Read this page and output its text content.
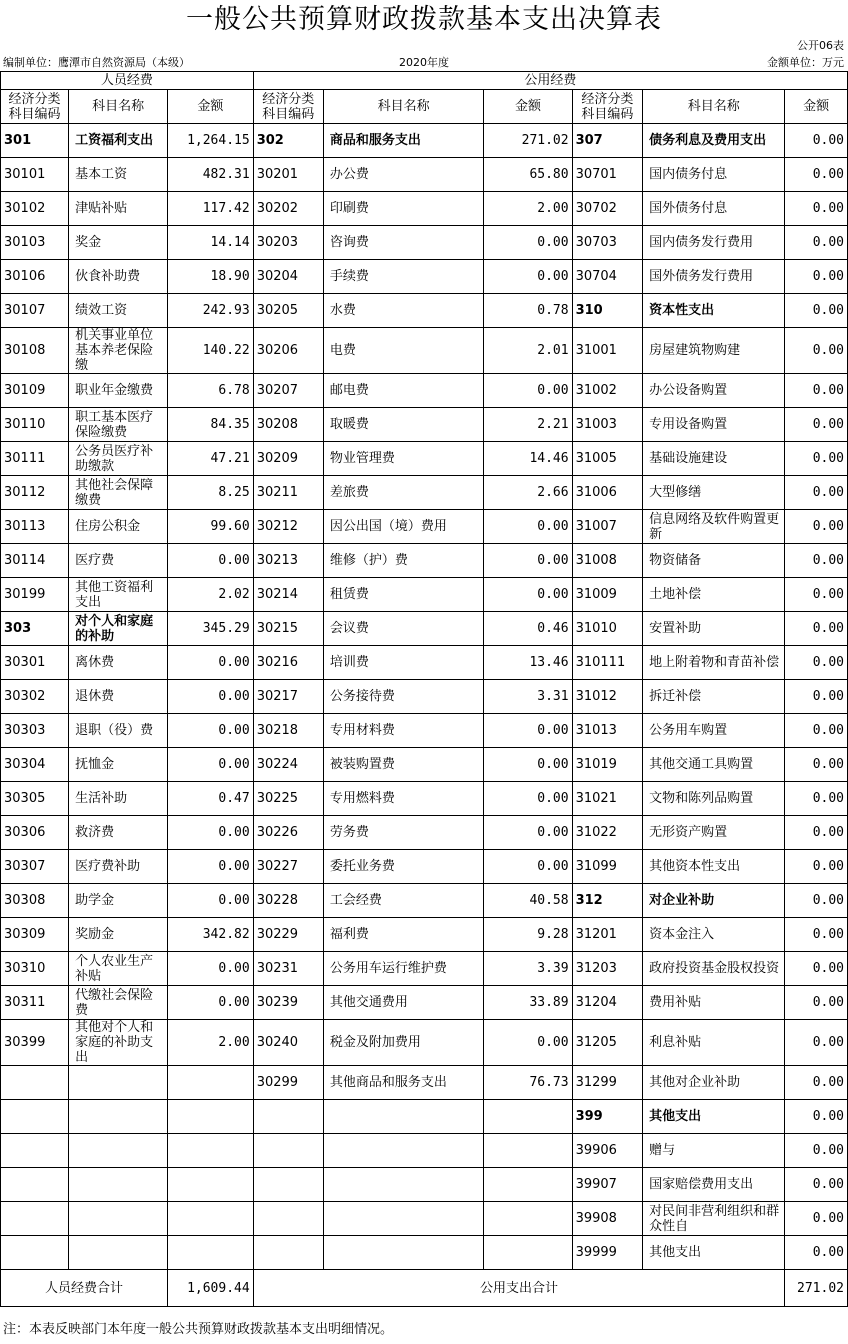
一般公共预算财政拨款基本支出决算表
公开06表
编制单位：鹰潭市自然资源局（本级）	2020年度	金额单位：万元
人员经费			公用经费					
经济分类科目编码	科目名称	金额	经济分类科目编码	科目名称	金额	经济分类科目编码	科目名称	金额
301	工资福利支出	1,264.15	302	商品和服务支出	271.02	307	债务利息及费用支出	0.00
30101	基本工资	482.31	30201	办公费	65.80	30701	国内债务付息	0.00
30102	津贴补贴	117.42	30202	印刷费	2.00	30702	国外债务付息	0.00
30103	奖金	14.14	30203	咨询费	0.00	30703	国内债务发行费用	0.00
30106	伙食补助费	18.90	30204	手续费	0.00	30704	国外债务发行费用	0.00
30107	绩效工资	242.93	30205	水费	0.78	310	资本性支出	0.00
30108	机关事业单位基本养老保险缴	140.22	30206	电费	2.01	31001	房屋建筑物购建	0.00
30109	职业年金缴费	6.78	30207	邮电费	0.00	31002	办公设备购置	0.00
30110	职工基本医疗保险缴费	84.35	30208	取暖费	2.21	31003	专用设备购置	0.00
30111	公务员医疗补助缴款	47.21	30209	物业管理费	14.46	31005	基础设施建设	0.00
30112	其他社会保障缴费	8.25	30211	差旅费	2.66	31006	大型修缮	0.00
30113	住房公积金	99.60	30212	因公出国（境）费用	0.00	31007	信息网络及软件购置更新	0.00
30114	医疗费	0.00	30213	维修（护）费	0.00	31008	物资储备	0.00
30199	其他工资福利支出	2.02	30214	租赁费	0.00	31009	土地补偿	0.00
303	对个人和家庭的补助	345.29	30215	会议费	0.46	31010	安置补助	0.00
30301	离休费	0.00	30216	培训费	13.46	310111	地上附着物和青苗补偿	0.00
30302	退休费	0.00	30217	公务接待费	3.31	31012	拆迁补偿	0.00
30303	退职（役）费	0.00	30218	专用材料费	0.00	31013	公务用车购置	0.00
30304	抚恤金	0.00	30224	被装购置费	0.00	31019	其他交通工具购置	0.00
30305	生活补助	0.47	30225	专用燃料费	0.00	31021	文物和陈列品购置	0.00
30306	救济费	0.00	30226	劳务费	0.00	31022	无形资产购置	0.00
30307	医疗费补助	0.00	30227	委托业务费	0.00	31099	其他资本性支出	0.00
30308	助学金	0.00	30228	工会经费	40.58	312	对企业补助	0.00
30309	奖励金	342.82	30229	福利费	9.28	31201	资本金注入	0.00
30310	个人农业生产补贴	0.00	30231	公务用车运行维护费	3.39	31203	政府投资基金股权投资	0.00
30311	代缴社会保险费	0.00	30239	其他交通费用	33.89	31204	费用补贴	0.00
30399	其他对个人和家庭的补助支出	2.00	30240	税金及附加费用	0.00	31205	利息补贴	0.00
			30299	其他商品和服务支出	76.73	31299	其他对企业补助	0.00
						399	其他支出	0.00
						39906	赠与	0.00
						39907	国家赔偿费用支出	0.00
						39908	对民间非营利组织和群众性自	0.00
						39999	其他支出	0.00
人员经费合计		1,609.44	公用支出合计					271.02
注：本表反映部门本年度一般公共预算财政拨款基本支出明细情况。
